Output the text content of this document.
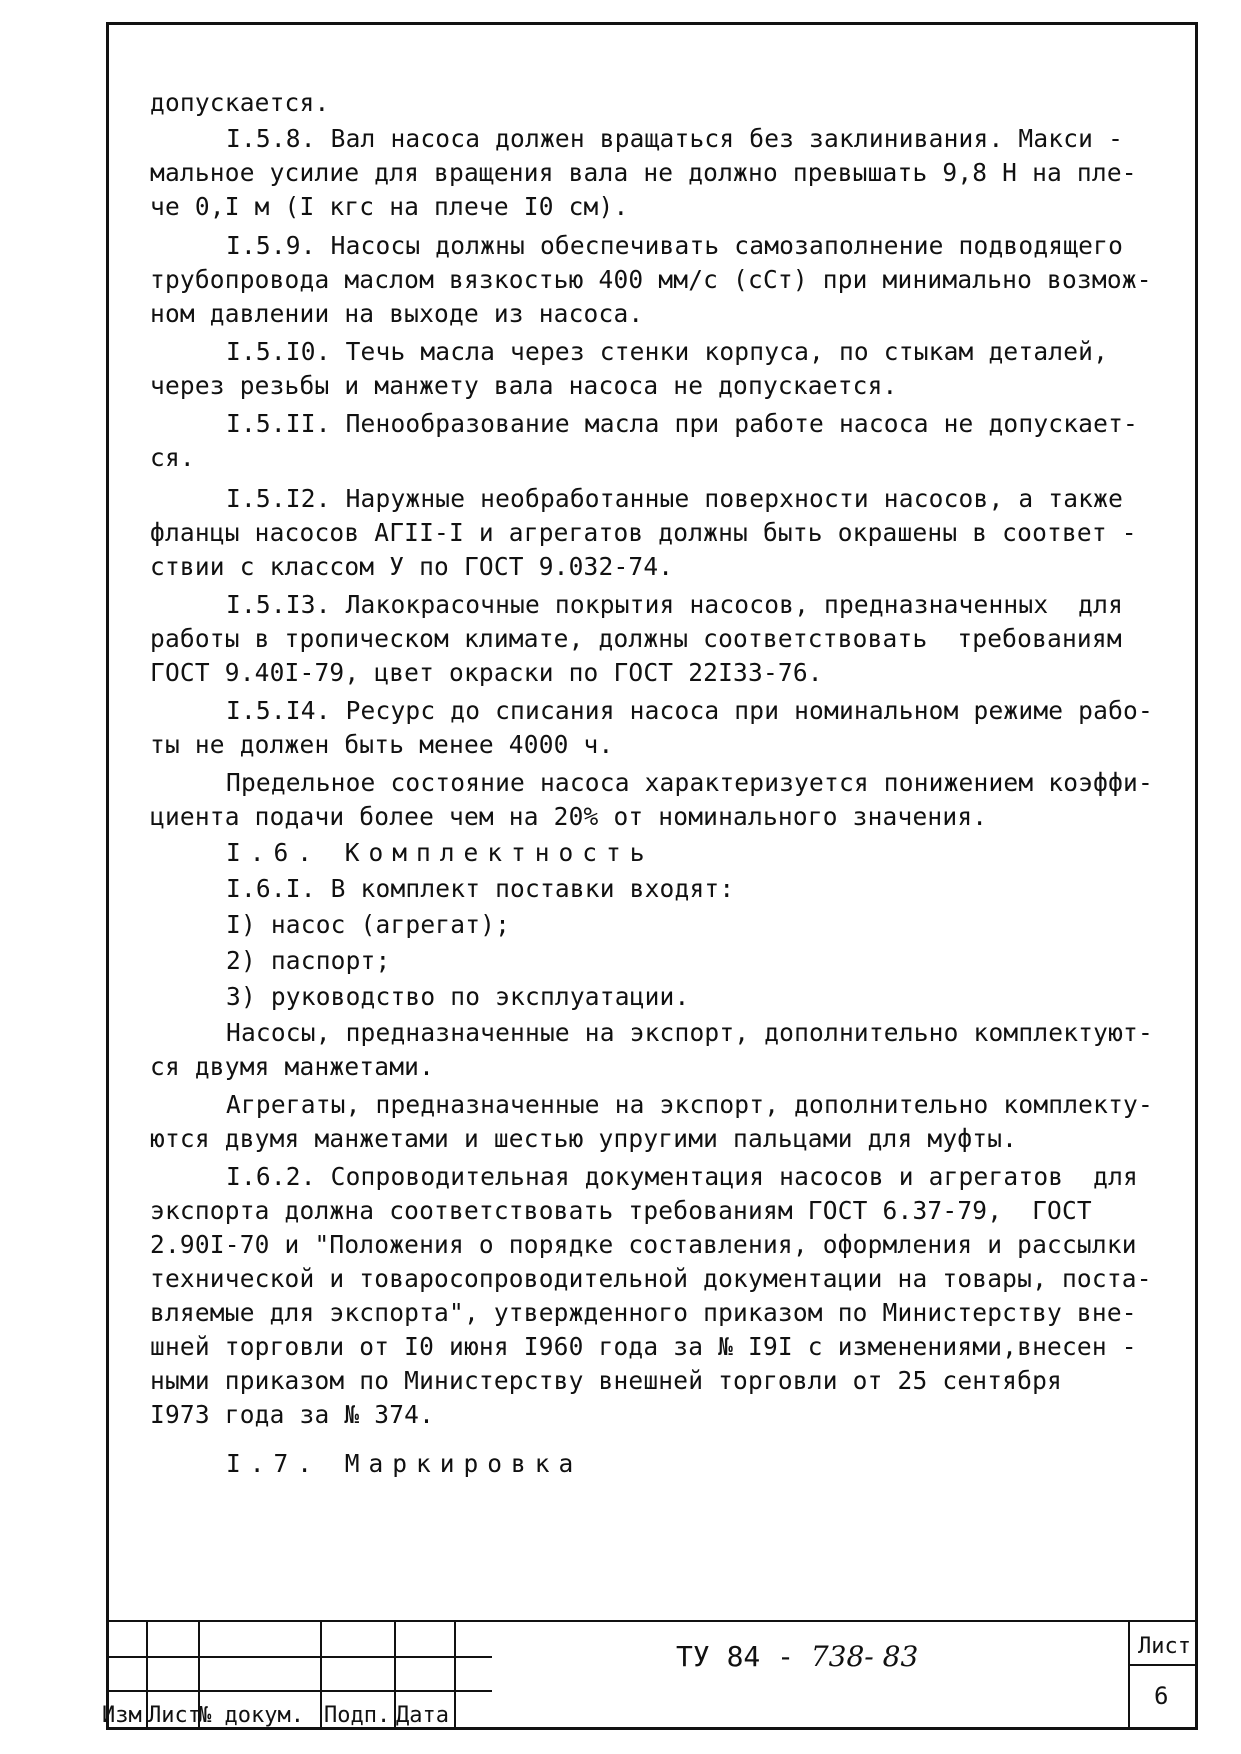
допускается.
I.5.8. Вал насоса должен вращаться без заклинивания. Макси -
мальное усилие для вращения вала не должно превышать 9,8 Н на пле-
че 0,I м (I кгс на плече I0 см).
I.5.9. Насосы должны обеспечивать самозаполнение подводящего
трубопровода маслом вязкостью 400 мм/с (сСт) при минимально возмож-
ном давлении на выходе из насоса.
I.5.I0. Течь масла через стенки корпуса, по стыкам деталей,
через резьбы и манжету вала насоса не допускается.
I.5.II. Пенообразование масла при работе насоса не допускает-
ся.
I.5.I2. Наружные необработанные поверхности насосов, а также
фланцы насосов АГII-I и агрегатов должны быть окрашены в соответ -
ствии с классом У по ГОСТ 9.032-74.
I.5.I3. Лакокрасочные покрытия насосов, предназначенных  для
работы в тропическом климате, должны соответствовать  требованиям
ГОСТ 9.40I-79, цвет окраски по ГОСТ 22I33-76.
I.5.I4. Ресурс до списания насоса при номинальном режиме рабо-
ты не должен быть менее 4000 ч.
Предельное состояние насоса характеризуется понижением коэффи-
циента подачи более чем на 20% от номинального значения.
I.6. Комплектность
I.6.I. В комплект поставки входят:
I) насос (агрегат);
2) паспорт;
3) руководство по эксплуатации.
Насосы, предназначенные на экспорт, дополнительно комплектуют-
ся двумя манжетами.
Агрегаты, предназначенные на экспорт, дополнительно комплекту-
ются двумя манжетами и шестью упругими пальцами для муфты.
I.6.2. Сопроводительная документация насосов и агрегатов  для
экспорта должна соответствовать требованиям ГОСТ 6.37-79,  ГОСТ
2.90I-70 и "Положения о порядке составления, оформления и рассылки
технической и товаросопроводительной документации на товары, поста-
вляемые для экспорта", утвержденного приказом по Министерству вне-
шней торговли от I0 июня I960 года за № I9I с изменениями,внесен -
ными приказом по Министерству внешней торговли от 25 сентября
I973 года за № 374.
I.7. Маркировка
Изм Лист
№ докум. Подп. Дата
ТУ 84 - 738- 83	Лист
6
